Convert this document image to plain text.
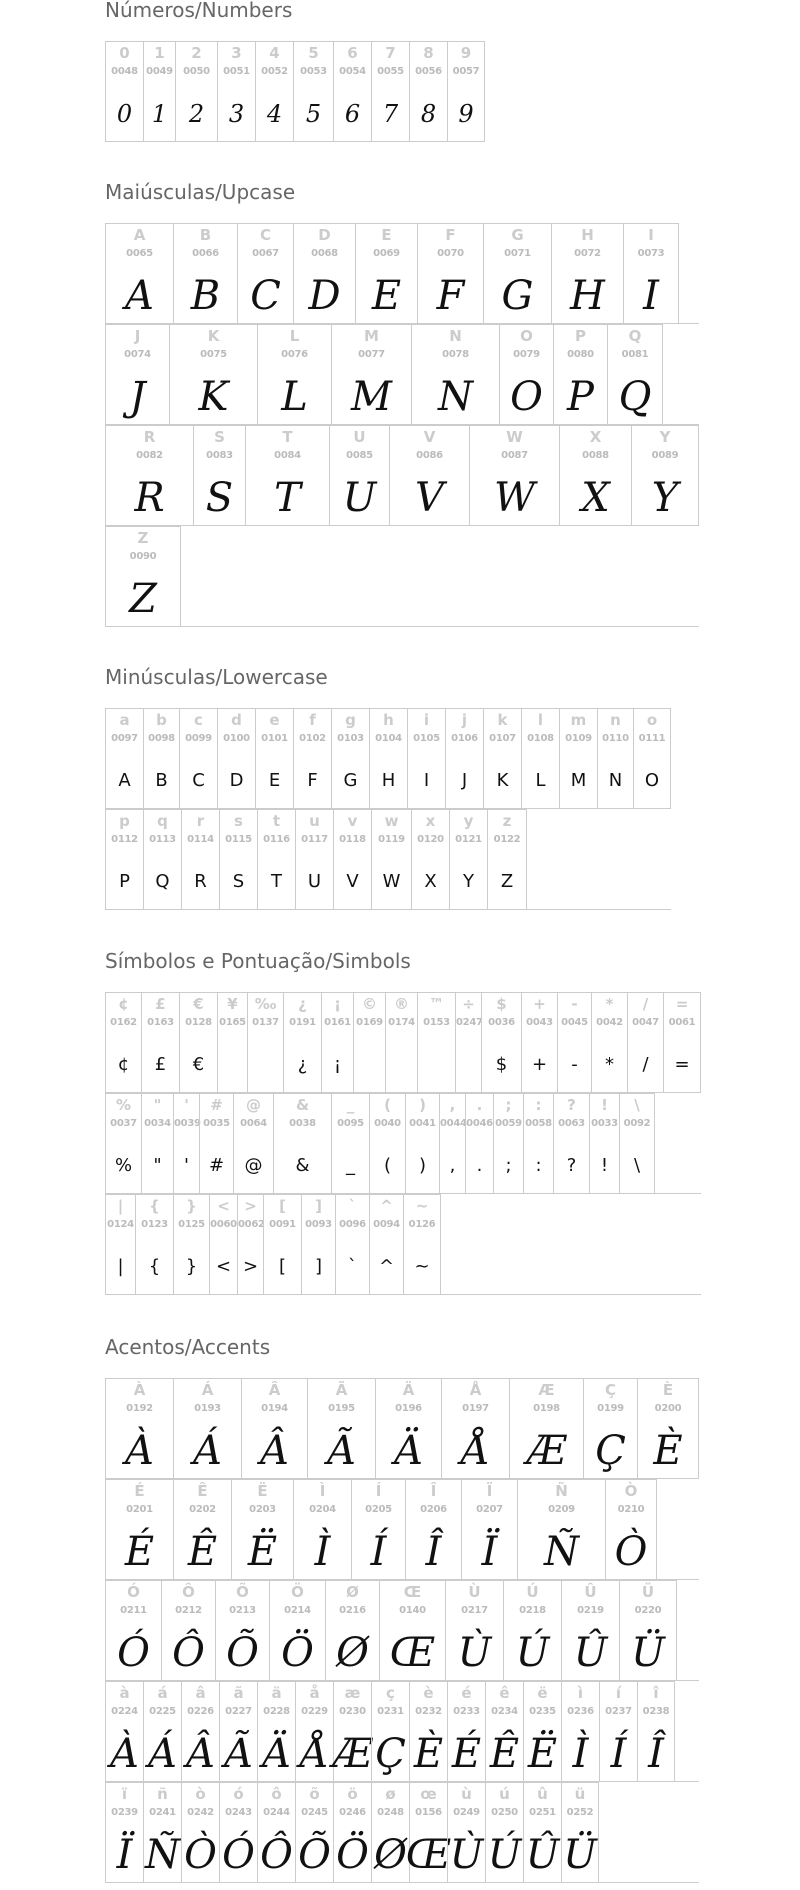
Números/Numbers
0
0048
0
1
0049
1
2
0050
2
3
0051
3
4
0052
4
5
0053
5
6
0054
6
7
0055
7
8
0056
8
9
0057
9
Maiúsculas/Upcase
A
0065
A
B
0066
B
C
0067
C
D
0068
D
E
0069
E
F
0070
F
G
0071
G
H
0072
H
I
0073
I
J
0074
J
K
0075
K
L
0076
L
M
0077
M
N
0078
N
O
0079
O
P
0080
P
Q
0081
Q
R
0082
R
S
0083
S
T
0084
T
U
0085
U
V
0086
V
W
0087
W
X
0088
X
Y
0089
Y
Z
0090
Z
Minúsculas/Lowercase
a
0097
A
b
0098
B
c
0099
C
d
0100
D
e
0101
E
f
0102
F
g
0103
G
h
0104
H
i
0105
I
j
0106
J
k
0107
K
l
0108
L
m
0109
M
n
0110
N
o
0111
O
p
0112
P
q
0113
Q
r
0114
R
s
0115
S
t
0116
T
u
0117
U
v
0118
V
w
0119
W
x
0120
X
y
0121
Y
z
0122
Z
Símbolos e Pontuação/Simbols
¢
0162
¢
£
0163
£
€
0128
€
¥
0165
‰
0137
¿
0191
¿
¡
0161
¡
©
0169
®
0174
™
0153
÷
0247
$
0036
$
+
0043
+
-
0045
-
*
0042
*
/
0047
/
=
0061
=
%
0037
%
"
0034
"
'
0039
'
#
0035
#
@
0064
@
&
0038
&
_
0095
_
(
0040
(
)
0041
)
,
0044
,
.
0046
.
;
0059
;
:
0058
:
?
0063
?
!
0033
!
\
0092
\
|
0124
|
{
0123
{
}
0125
}
<
0060
<
>
0062
>
[
0091
[
]
0093
]
`
0096
`
^
0094
^
~
0126
~
Acentos/Accents
À
0192
À
Á
0193
Á
Â
0194
Â
Ã
0195
Ã
Ä
0196
Ä
Å
0197
Å
Æ
0198
Æ
Ç
0199
Ç
È
0200
È
É
0201
É
Ê
0202
Ê
Ë
0203
Ë
Ì
0204
Ì
Í
0205
Í
Î
0206
Î
Ï
0207
Ï
Ñ
0209
Ñ
Ò
0210
Ò
Ó
0211
Ó
Ô
0212
Ô
Õ
0213
Õ
Ö
0214
Ö
Ø
0216
Ø
Œ
0140
Œ
Ù
0217
Ù
Ú
0218
Ú
Û
0219
Û
Ü
0220
Ü
à
0224
À
á
0225
Á
â
0226
Â
ã
0227
Ã
ä
0228
Ä
å
0229
Å
æ
0230
Æ
ç
0231
Ç
è
0232
È
é
0233
É
ê
0234
Ê
ë
0235
Ë
ì
0236
Ì
í
0237
Í
î
0238
Î
ï
0239
Ï
ñ
0241
Ñ
ò
0242
Ò
ó
0243
Ó
ô
0244
Ô
õ
0245
Õ
ö
0246
Ö
ø
0248
Ø
œ
0156
Œ
ù
0249
Ù
ú
0250
Ú
û
0251
Û
ü
0252
Ü
